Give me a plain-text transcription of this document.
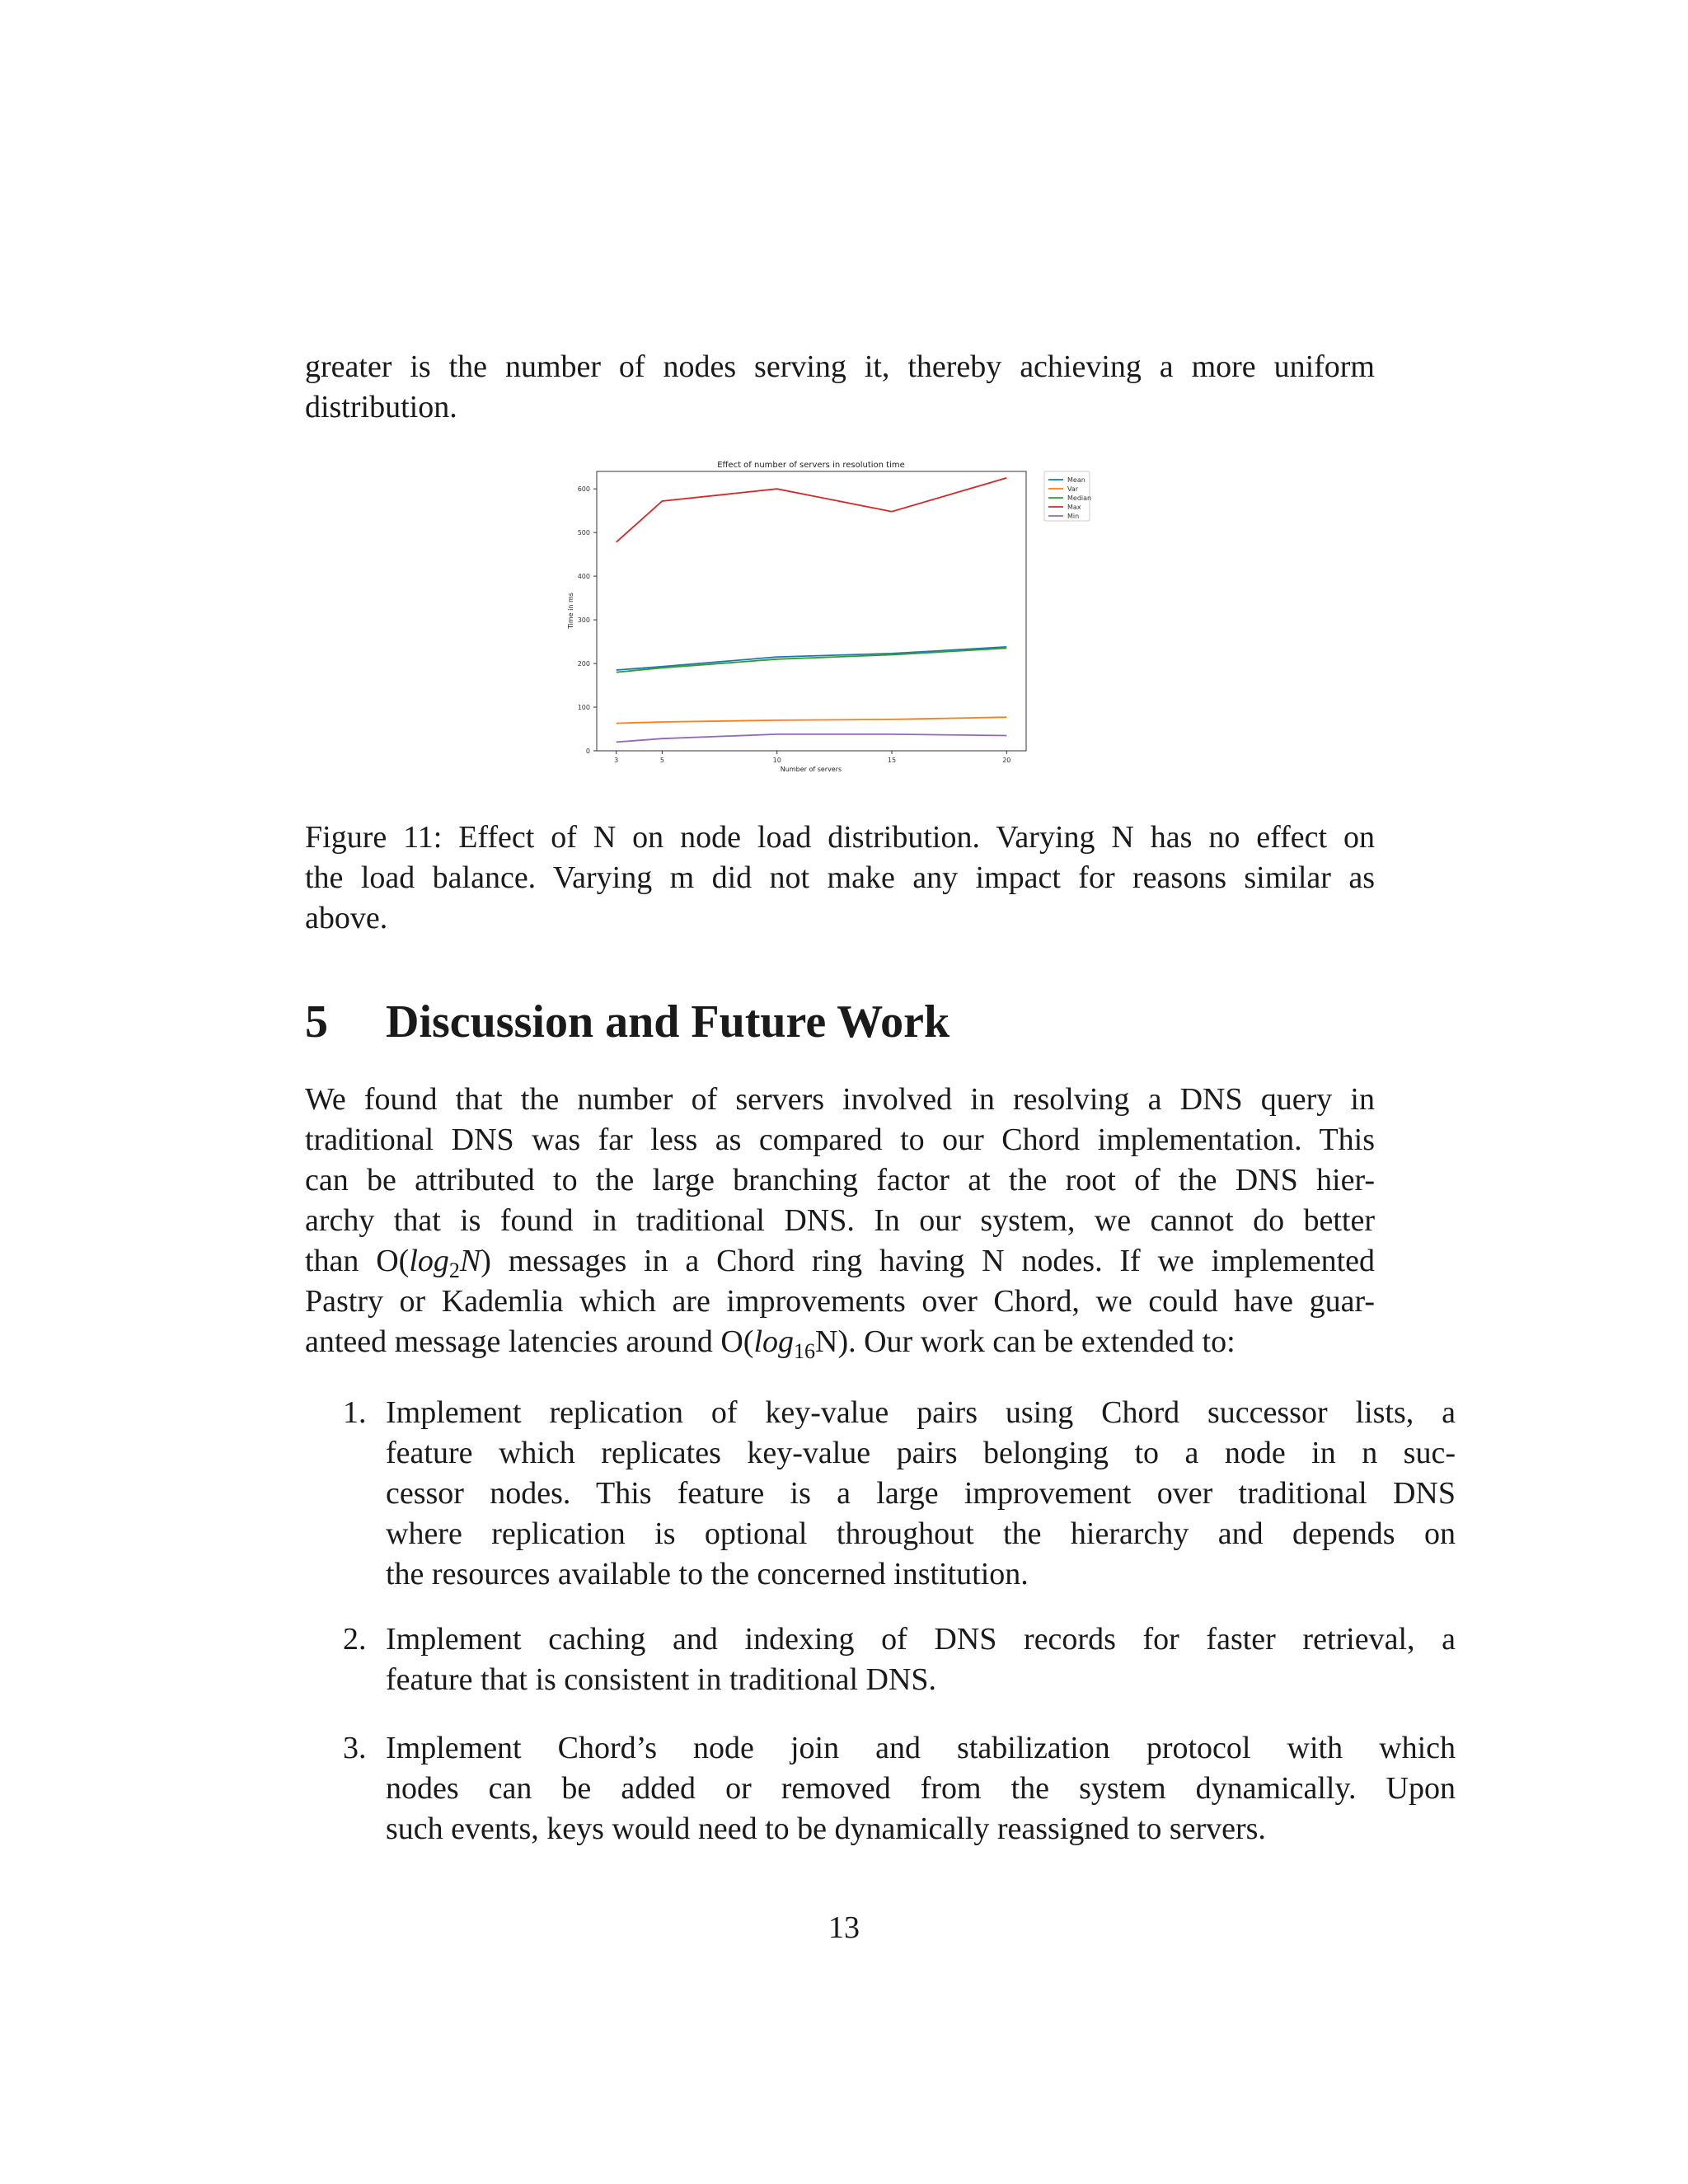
greater is the number of nodes serving it, thereby achieving a more uniform
distribution.

Effect of number of servers in resolution time
0
100
200
300
400
500
600
3	5	10	15	20
Number of servers
Time in ms
Mean
Var
Median
Max
Min

Figure 11: Effect of N on node load distribution. Varying N has no effect on
the load balance. Varying m did not make any impact for reasons similar as
above.

5 Discussion and Future Work

We found that the number of servers involved in resolving a DNS query in
traditional DNS was far less as compared to our Chord implementation. This
can be attributed to the large branching factor at the root of the DNS hier-
archy that is found in traditional DNS. In our system, we cannot do better
than $O(\log_2N)$ messages in a Chord ring having N nodes. If we implemented
Pastry or Kademlia which are improvements over Chord, we could have guar-
anteed message latencies around $O(\log_{16}N)$. Our work can be extended to:

1. Implement replication of key-value pairs using Chord successor lists, a
feature which replicates key-value pairs belonging to a node in n suc-
cessor nodes. This feature is a large improvement over traditional DNS
where replication is optional throughout the hierarchy and depends on
the resources available to the concerned institution.
2. Implement caching and indexing of DNS records for faster retrieval, a
feature that is consistent in traditional DNS.
3. Implement Chord’s node join and stabilization protocol with which
nodes can be added or removed from the system dynamically. Upon
such events, keys would need to be dynamically reassigned to servers.

13
